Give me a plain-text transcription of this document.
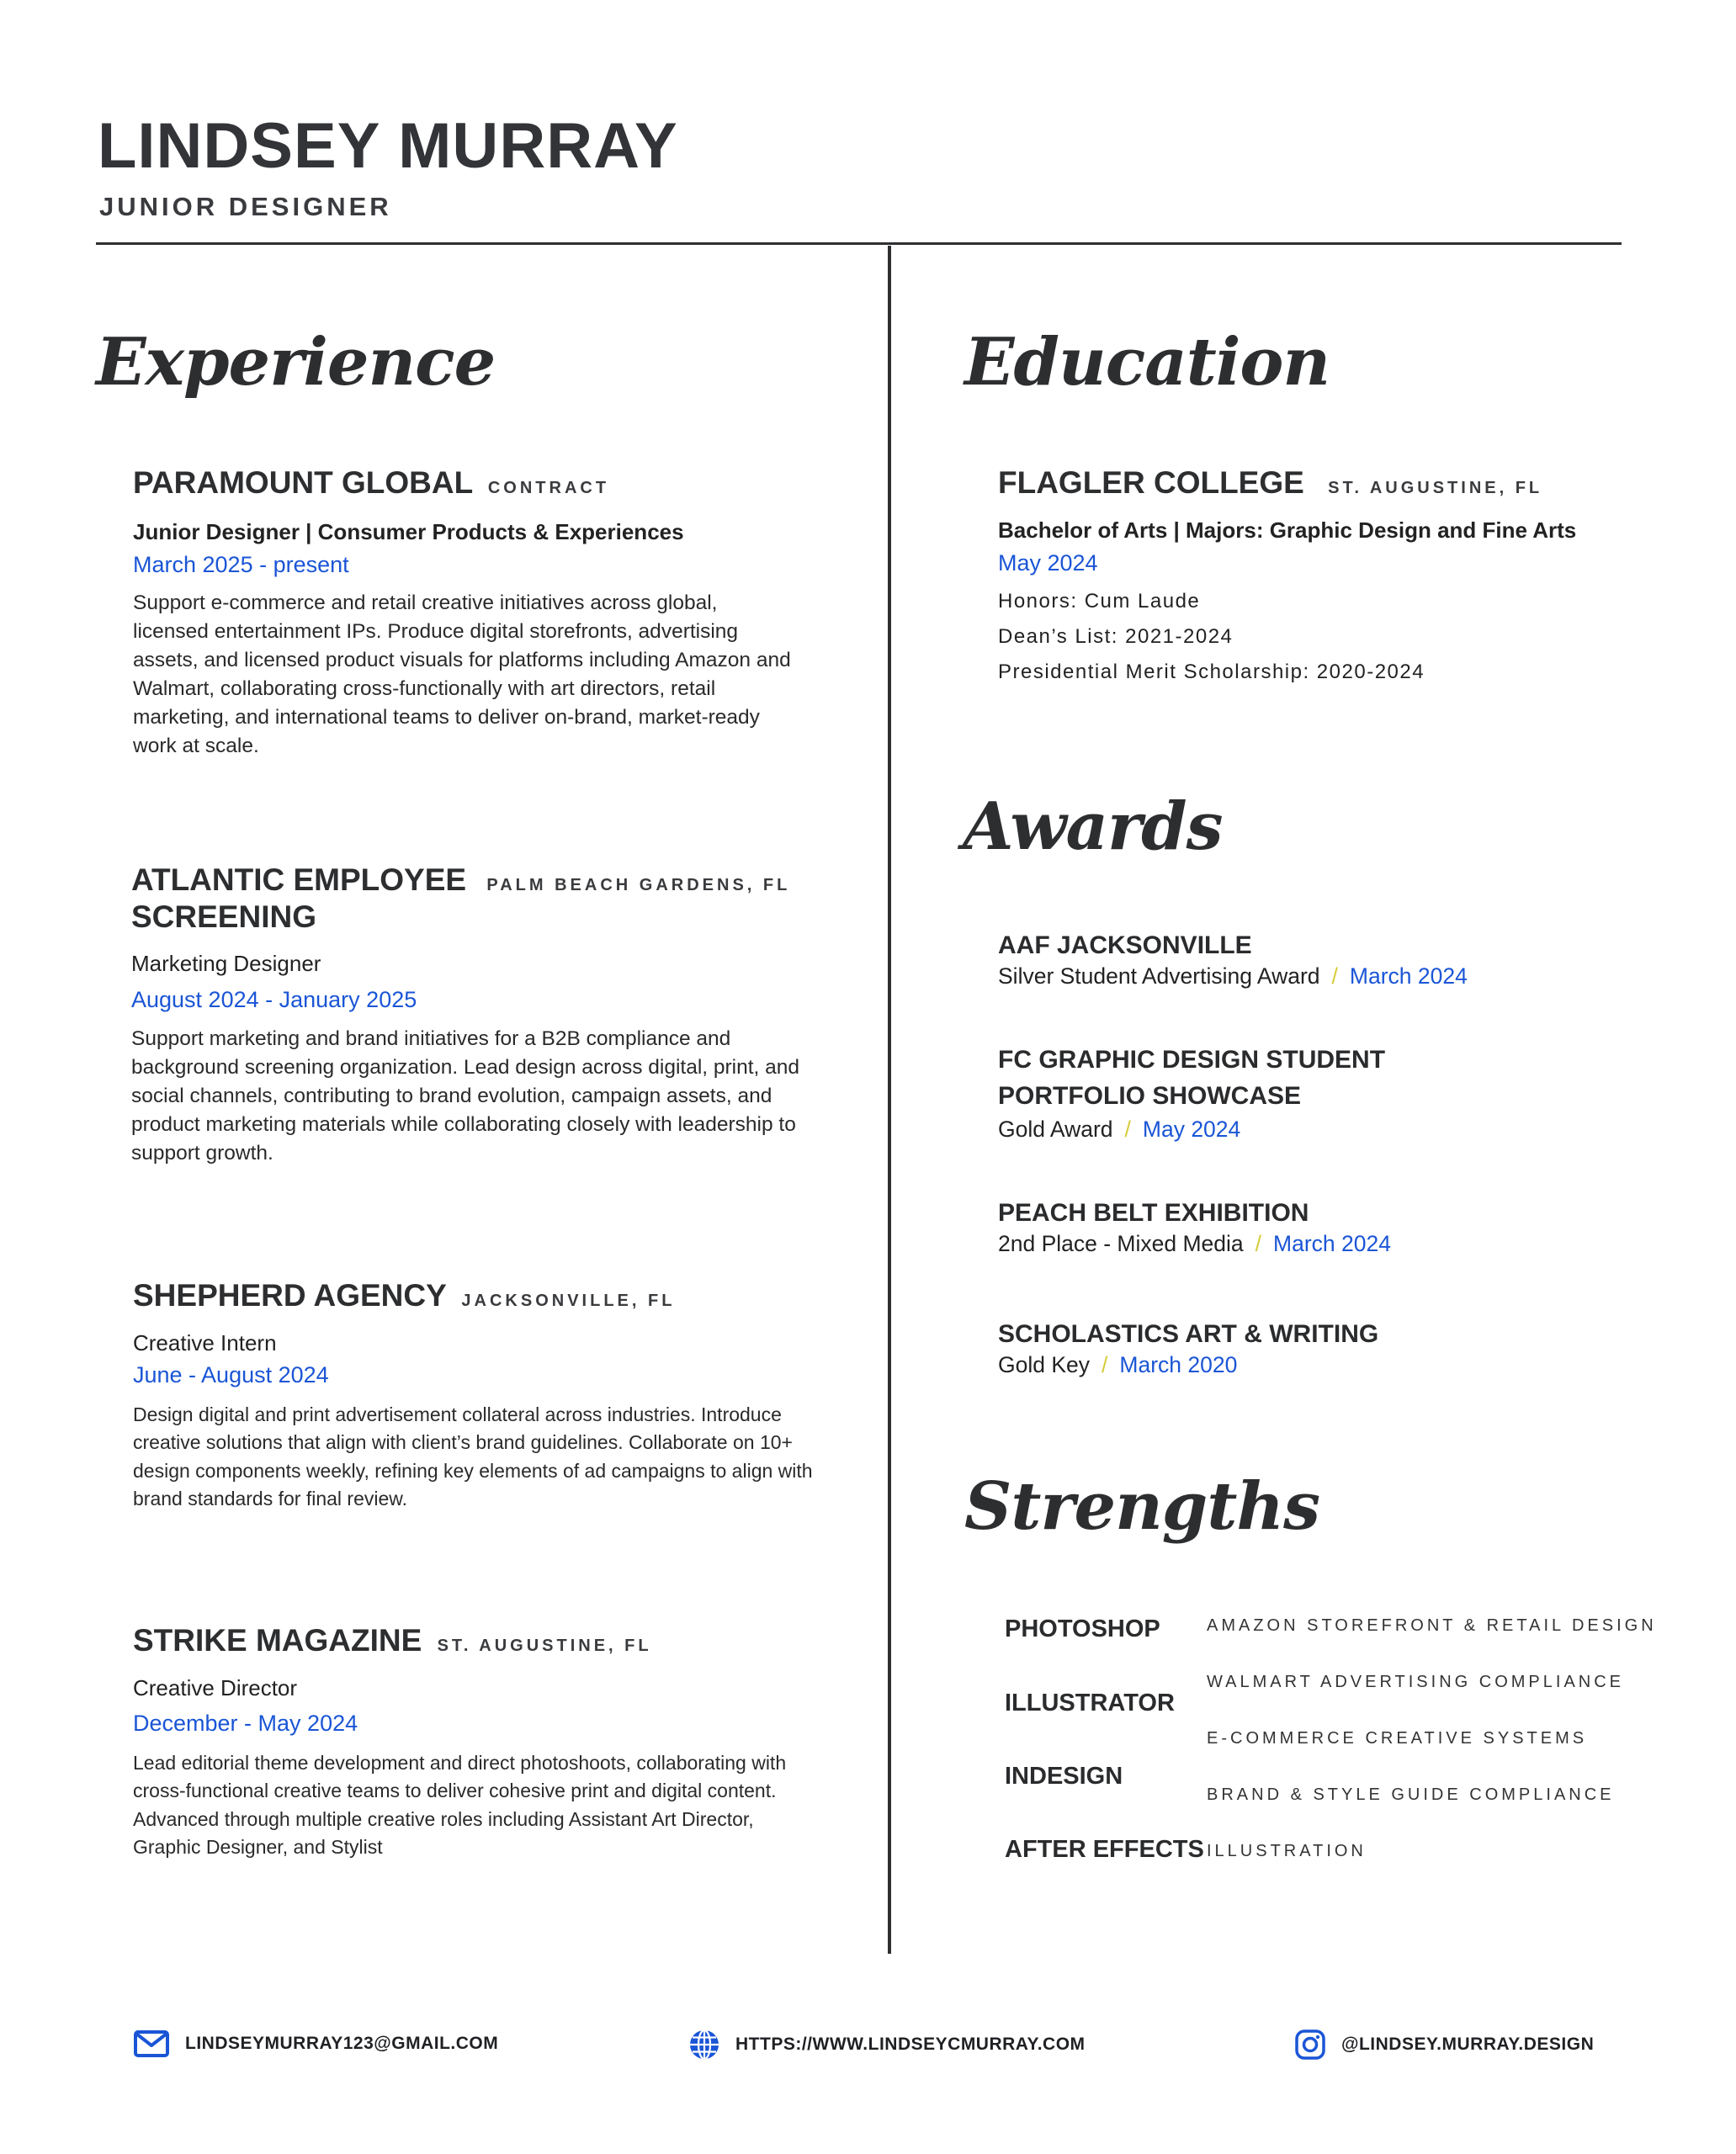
LINDSEY MURRAY
JUNIOR DESIGNER
Experience
PARAMOUNT GLOBAL CONTRACT
Junior Designer | Consumer Products & Experiences
March 2025 - present
Support e-commerce and retail creative initiatives across global, licensed entertainment IPs. Produce digital storefronts, advertising assets, and licensed product visuals for platforms including Amazon and Walmart, collaborating cross-functionally with art directors, retail marketing, and international teams to deliver on-brand, market-ready work at scale.
ATLANTIC EMPLOYEE PALM BEACH GARDENS, FL
SCREENING
Marketing Designer
August 2024 - January 2025
Support marketing and brand initiatives for a B2B compliance and background screening organization. Lead design across digital, print, and social channels, contributing to brand evolution, campaign assets, and product marketing materials while collaborating closely with leadership to support growth.
SHEPHERD AGENCY JACKSONVILLE, FL
Creative Intern
June - August 2024
Design digital and print advertisement collateral across industries. Introduce creative solutions that align with client’s brand guidelines. Collaborate on 10+ design components weekly, refining key elements of ad campaigns to align with brand standards for final review.
STRIKE MAGAZINE ST. AUGUSTINE, FL
Creative Director
December - May 2024
Lead editorial theme development and direct photoshoots, collaborating with cross-functional creative teams to deliver cohesive print and digital content. Advanced through multiple creative roles including Assistant Art Director, Graphic Designer, and Stylist
Education
FLAGLER COLLEGE ST. AUGUSTINE, FL
Bachelor of Arts | Majors: Graphic Design and Fine Arts
May 2024
Honors: Cum Laude
Dean’s List: 2021-2024
Presidential Merit Scholarship: 2020-2024
Awards
AAF JACKSONVILLE
Silver Student Advertising Award / March 2024
FC GRAPHIC DESIGN STUDENT
PORTFOLIO SHOWCASE
Gold Award / May 2024
PEACH BELT EXHIBITION
2nd Place - Mixed Media / March 2024
SCHOLASTICS ART & WRITING
Gold Key / March 2020
Strengths
PHOTOSHOP
ILLUSTRATOR
INDESIGN
AFTER EFFECTS
AMAZON STOREFRONT & RETAIL DESIGN
WALMART ADVERTISING COMPLIANCE
E-COMMERCE CREATIVE SYSTEMS
BRAND & STYLE GUIDE COMPLIANCE
ILLUSTRATION
LINDSEYMURRAY123@GMAIL.COM	HTTPS://WWW.LINDSEYCMURRAY.COM	@LINDSEY.MURRAY.DESIGN
